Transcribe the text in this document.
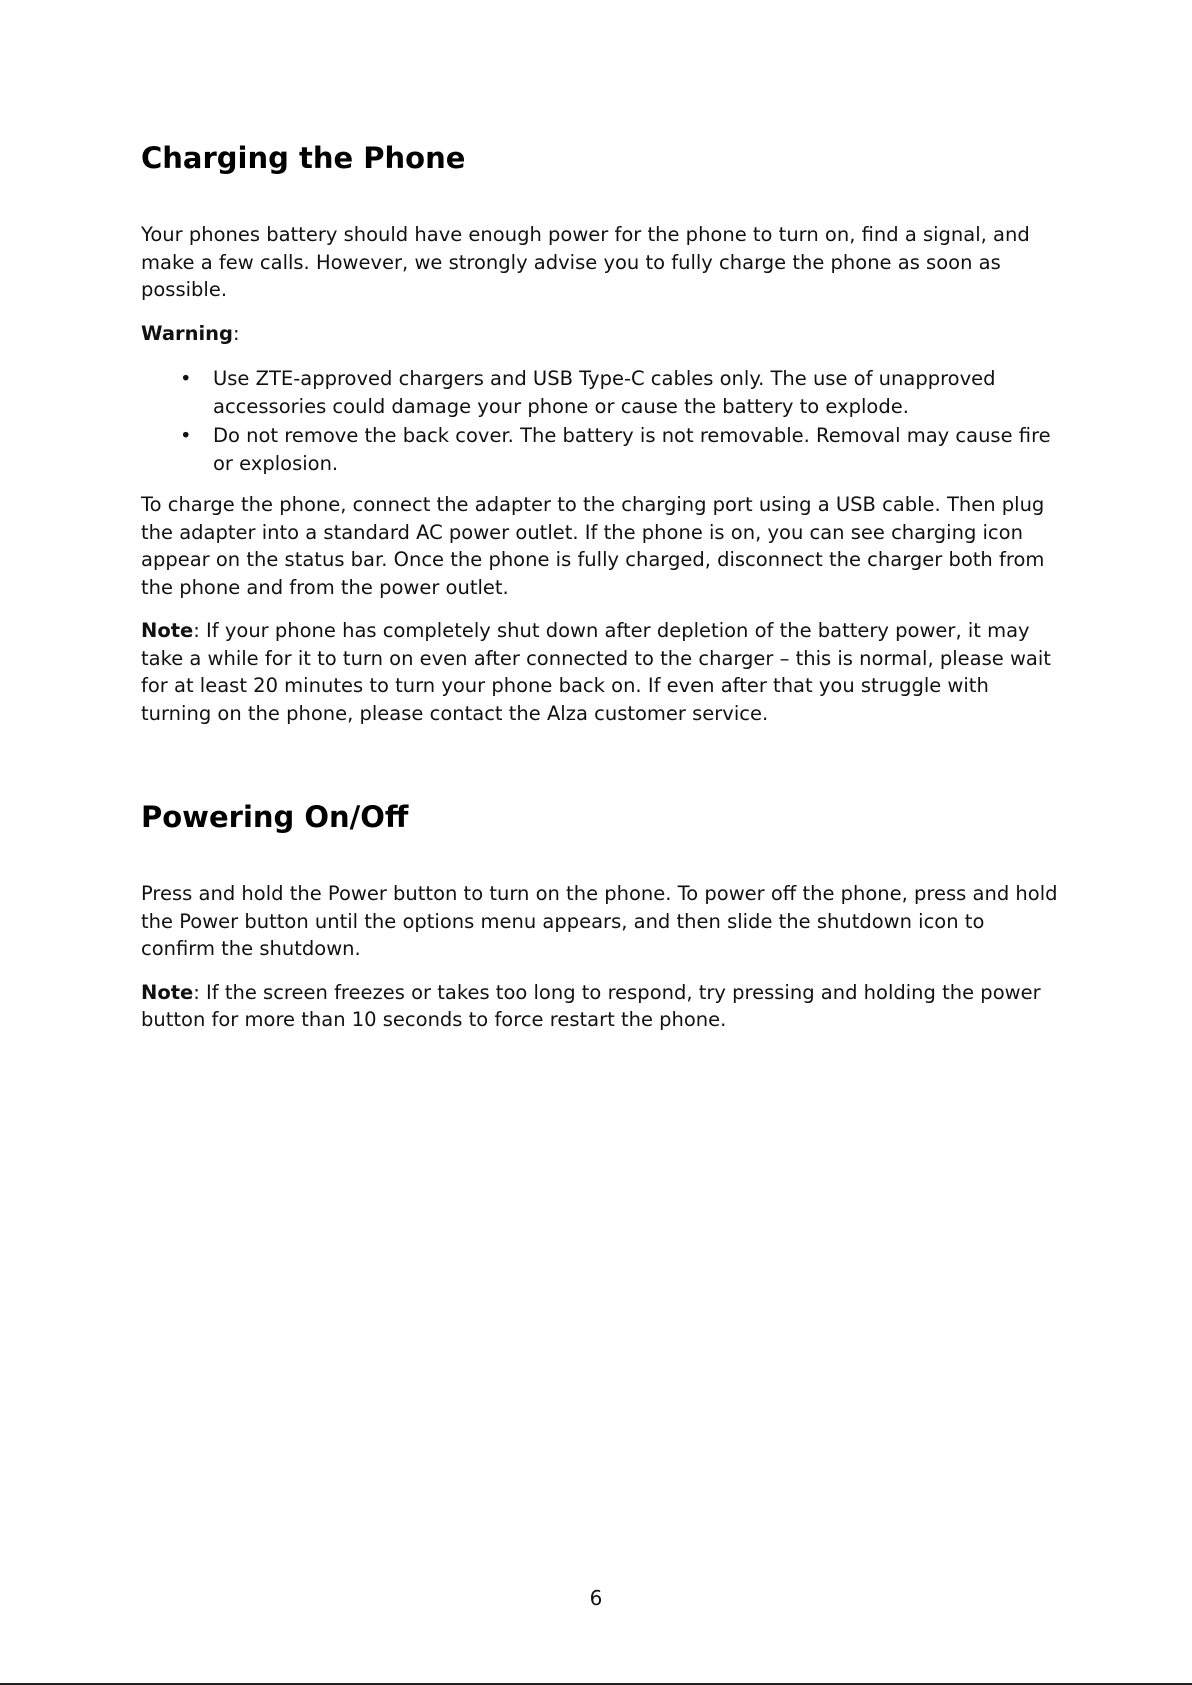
Charging the Phone

Your phones battery should have enough power for the phone to turn on, find a signal, and make a few calls. However, we strongly advise you to fully charge the phone as soon as possible.

Warning:

• Use ZTE-approved chargers and USB Type-C cables only. The use of unapproved accessories could damage your phone or cause the battery to explode.
• Do not remove the back cover. The battery is not removable. Removal may cause fire or explosion.

To charge the phone, connect the adapter to the charging port using a USB cable. Then plug the adapter into a standard AC power outlet. If the phone is on, you can see charging icon appear on the status bar. Once the phone is fully charged, disconnect the charger both from the phone and from the power outlet.

Note: If your phone has completely shut down after depletion of the battery power, it may take a while for it to turn on even after connected to the charger – this is normal, please wait for at least 20 minutes to turn your phone back on. If even after that you struggle with turning on the phone, please contact the Alza customer service.

Powering On/Off

Press and hold the Power button to turn on the phone. To power off the phone, press and hold the Power button until the options menu appears, and then slide the shutdown icon to confirm the shutdown.

Note: If the screen freezes or takes too long to respond, try pressing and holding the power button for more than 10 seconds to force restart the phone.

6
